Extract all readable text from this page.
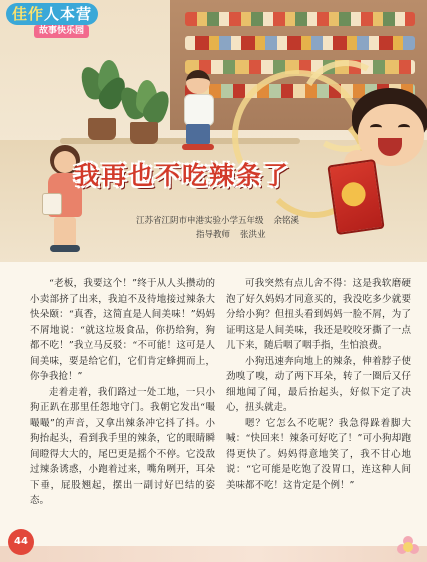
佳作人本营
故事快乐园
我再也不吃辣条了
江苏省江阴市申港实验小学五年级 余铭溪
指导教师 张洪业

“老板，我要这个！”终于从人头攒动的小卖部挤了出来，我迫不及待地接过辣条大快朵颐：“真香，这简直是人间美味！”妈妈不屑地说：“就这垃圾食品，你扔给狗，狗都不吃！”我立马反驳：“不可能！这可是人间美味，要是给它们，它们肯定蜂拥而上，你争我抢！”

走着走着，我们路过一处工地，一只小狗正趴在那里任怨地守门。我朝它发出“嘬嘬嘬”的声音，又拿出辣条冲它抖了抖。小狗抬起头，看到我手里的辣条，它的眼睛瞬间瞪得大大的，尾巴更是摇个不停。它没敌过辣条诱惑，小跑着过来，嘴角咧开，耳朵下垂，屁股翘起，摆出一副讨好巴结的姿态。

可我突然有点儿舍不得：这是我软磨硬泡了好久妈妈才同意买的，我没吃多少就要分给小狗？但扭头看到妈妈一脸不屑，为了证明这是人间美味，我还是咬咬牙撕了一点儿下来，随后咽了咽手指，生怕浪费。

小狗迅速奔向地上的辣条，伸着脖子使劲嗅了嗅，动了两下耳朵，转了一圈后又仔细地闻了闻，最后抬起头，好似下定了决心，扭头就走。

嗯？它怎么不吃呢？我急得跺着脚大喊：“快回来！辣条可好吃了！”可小狗却跑得更快了。妈妈得意地笑了，我不甘心地说：“它可能是吃饱了没胃口，连这种人间美味都不吃！这肯定是个例！”

44
